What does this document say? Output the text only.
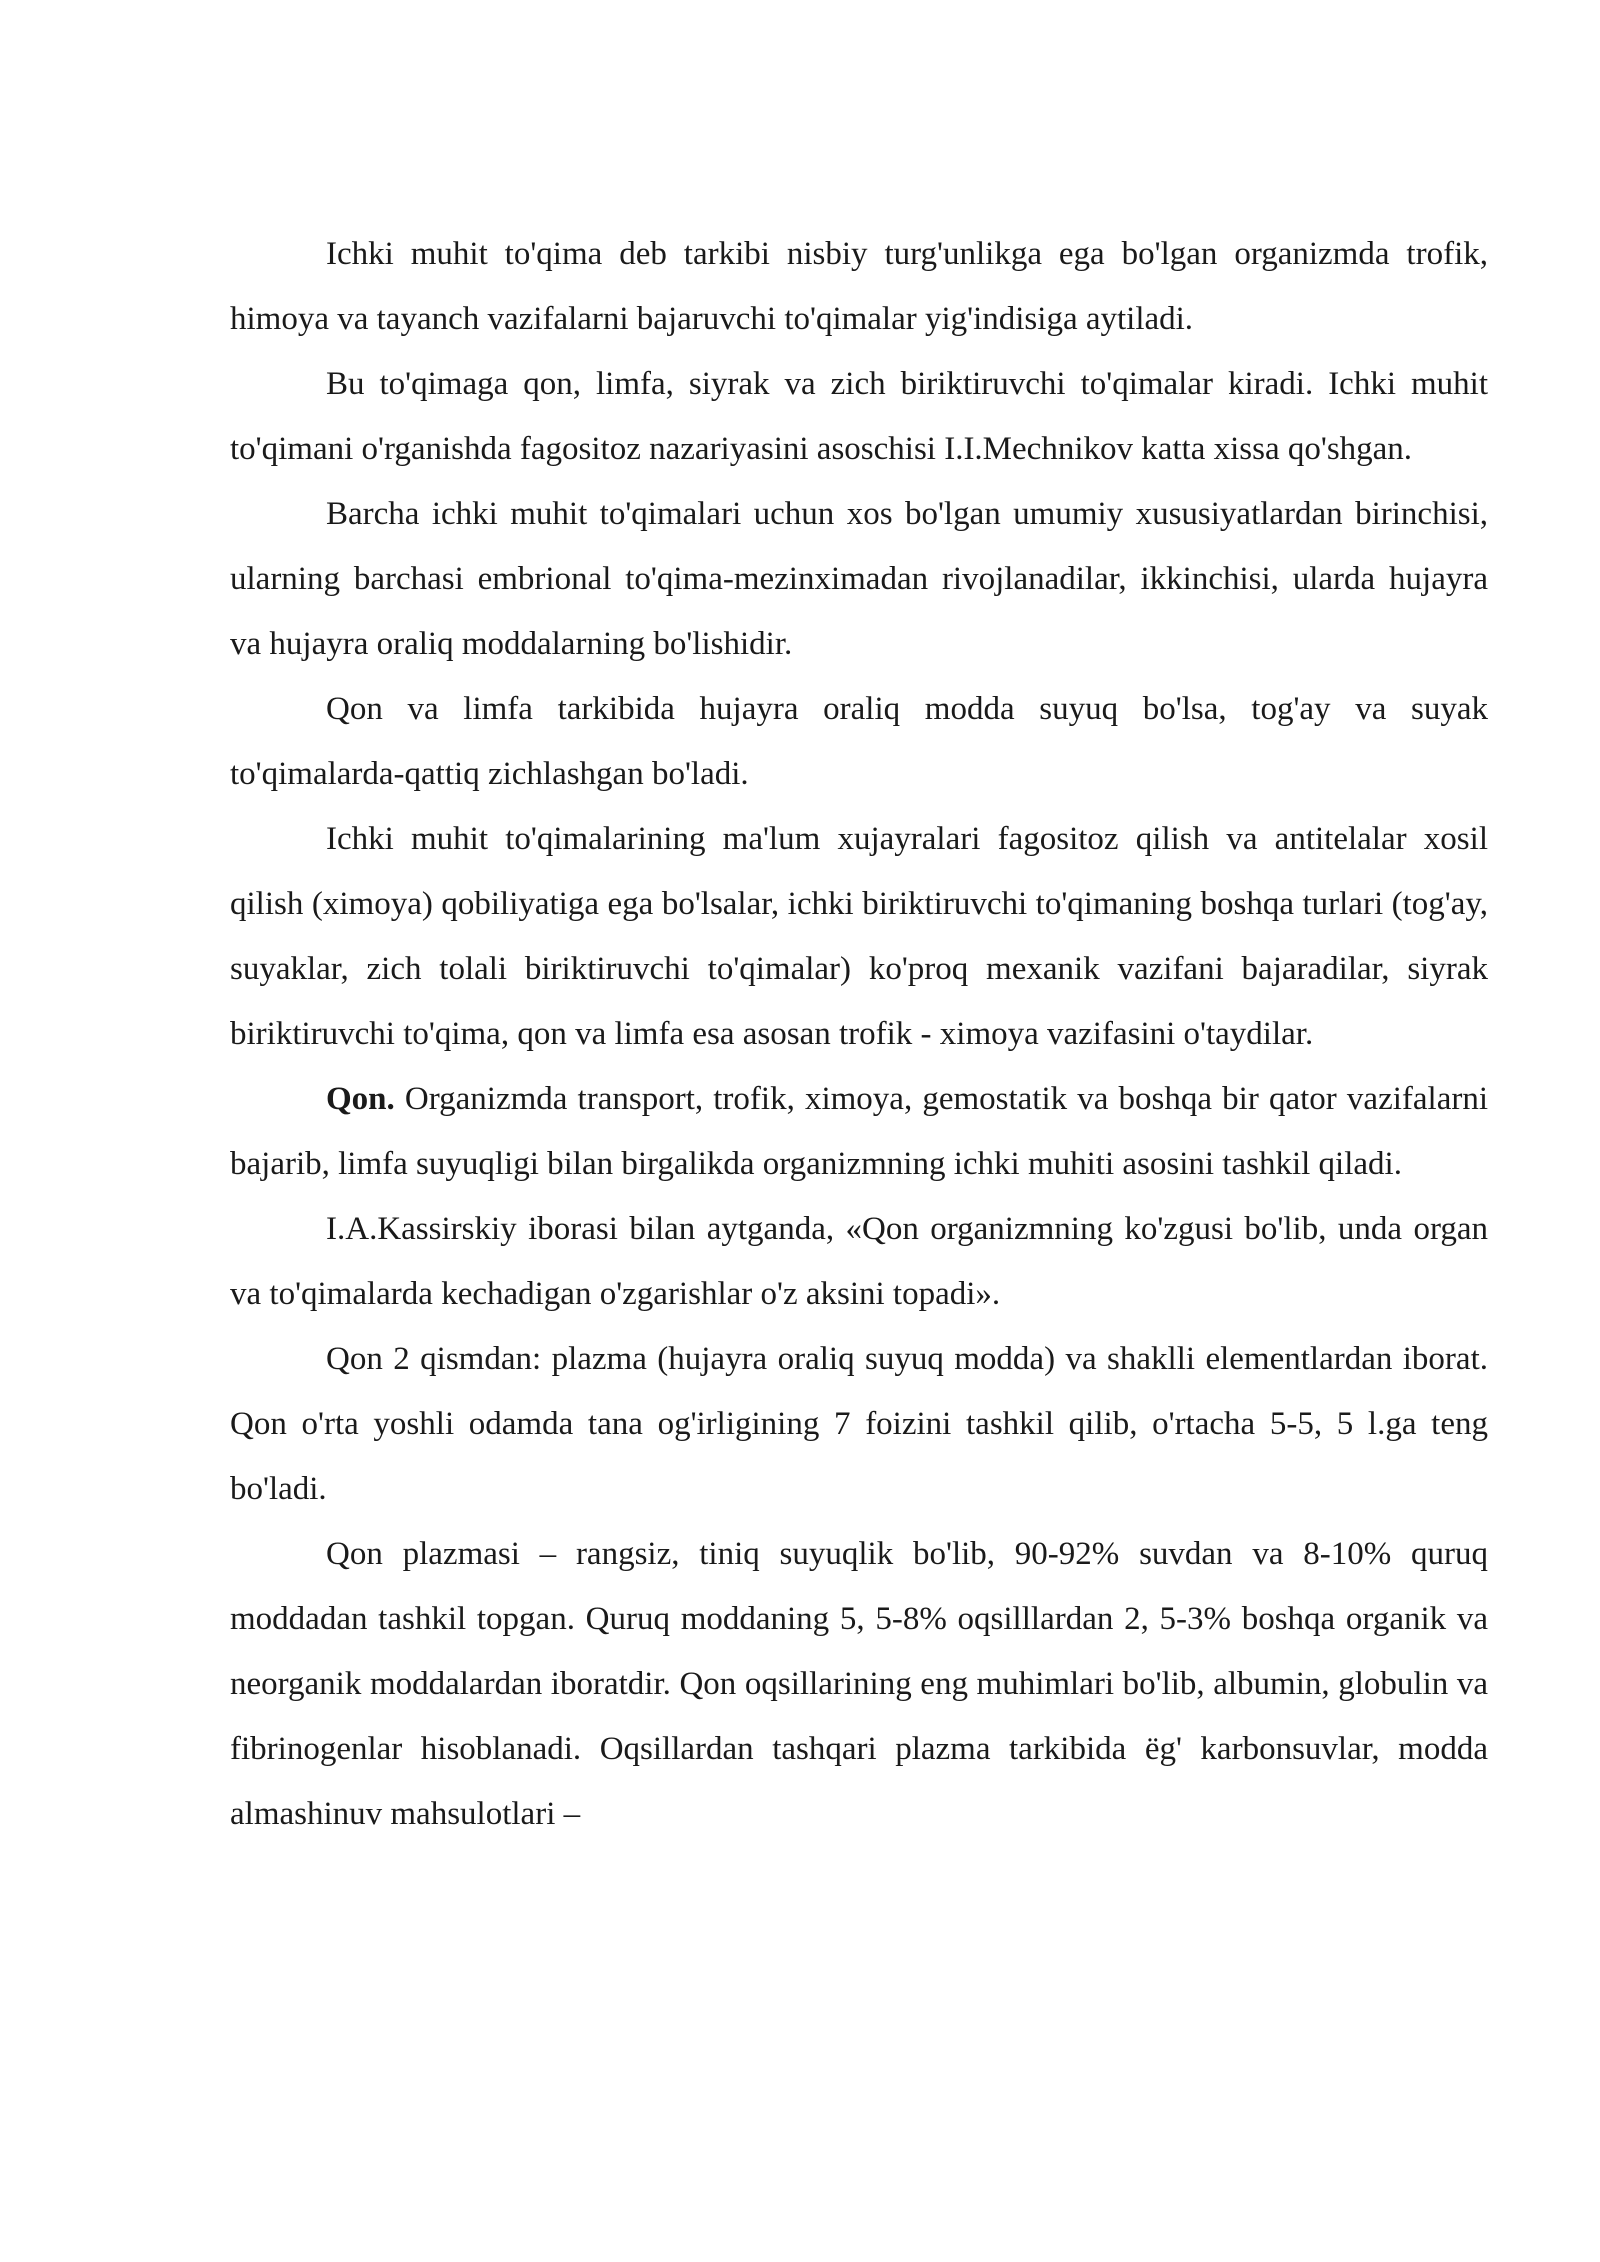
Ichki muhit to'qima deb tarkibi nisbiy turg'unlikga ega bo'lgan organizmda trofik, himoya va tayanch vazifalarni bajaruvchi to'qimalar yig'indisiga aytiladi.

Bu to'qimaga qon, limfa, siyrak va zich biriktiruvchi to'qimalar kiradi. Ichki muhit to'qimani o'rganishda fagositoz nazariyasini asoschisi I.I.Mechnikov katta xissa qo'shgan.

Barcha ichki muhit to'qimalari uchun xos bo'lgan umumiy xususiyatlardan birinchisi, ularning barchasi embrional to'qima-mezinximadan rivojlanadilar, ikkinchisi, ularda hujayra va hujayra oraliq moddalarning bo'lishidir.

Qon va limfa tarkibida hujayra oraliq modda suyuq bo'lsa, tog'ay va suyak to'qimalarda-qattiq zichlashgan bo'ladi.

Ichki muhit to'qimalarining ma'lum xujayralari fagositoz qilish va antitelalar xosil qilish (ximoya) qobiliyatiga ega bo'lsalar, ichki biriktiruvchi to'qimaning boshqa turlari (tog'ay, suyaklar, zich tolali biriktiruvchi to'qimalar) ko'proq mexanik vazifani bajaradilar, siyrak biriktiruvchi to'qima, qon va limfa esa asosan trofik - ximoya vazifasini o'taydilar.

Qon. Organizmda transport, trofik, ximoya, gemostatik va boshqa bir qator vazifalarni bajarib, limfa suyuqligi bilan birgalikda organizmning ichki muhiti asosini tashkil qiladi.

I.A.Kassirskiy iborasi bilan aytganda, «Qon organizmning ko'zgusi bo'lib, unda organ va to'qimalarda kechadigan o'zgarishlar o'z aksini topadi».

Qon 2 qismdan: plazma (hujayra oraliq suyuq modda) va shaklli elementlardan iborat. Qon o'rta yoshli odamda tana og'irligining 7 foizini tashkil qilib, o'rtacha 5-5, 5 l.ga teng bo'ladi.

Qon plazmasi – rangsiz, tiniq suyuqlik bo'lib, 90-92% suvdan va 8-10% quruq moddadan tashkil topgan. Quruq moddaning 5, 5-8% oqsilllardan 2, 5-3% boshqa organik va neorganik moddalardan iboratdir. Qon oqsillarining eng muhimlari bo'lib, albumin, globulin va fibrinogenlar hisoblanadi. Oqsillardan tashqari plazma tarkibida ёg' karbonsuvlar, modda almashinuv mahsulotlari –
